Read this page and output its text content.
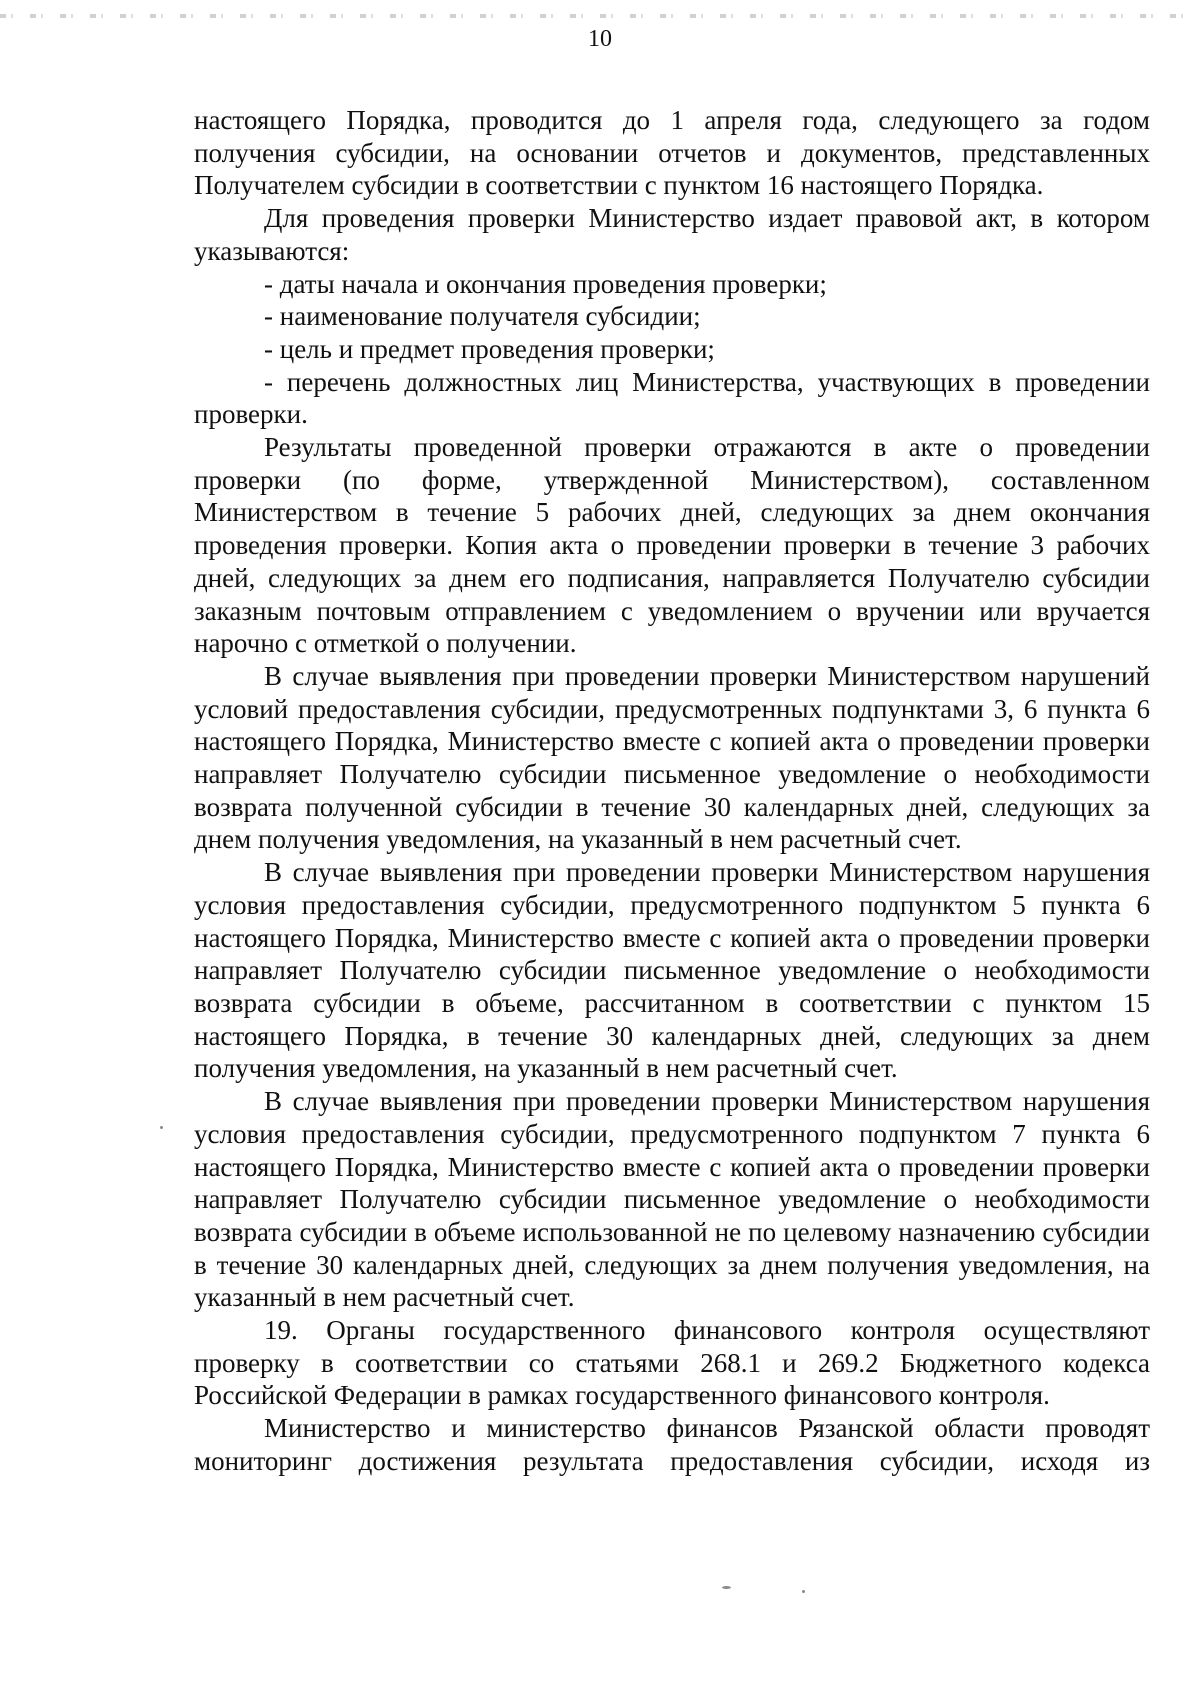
10

настоящего Порядка, проводится до 1 апреля года, следующего за годом получения субсидии, на основании отчетов и документов, представленных Получателем субсидии в соответствии с пунктом 16 настоящего Порядка.

Для проведения проверки Министерство издает правовой акт, в котором указываются:

- даты начала и окончания проведения проверки;

- наименование получателя субсидии;

- цель и предмет проведения проверки;

- перечень должностных лиц Министерства, участвующих в проведении проверки.

Результаты проведенной проверки отражаются в акте о проведении проверки (по форме, утвержденной Министерством), составленном Министерством в течение 5 рабочих дней, следующих за днем окончания проведения проверки. Копия акта о проведении проверки в течение 3 рабочих дней, следующих за днем его подписания, направляется Получателю субсидии заказным почтовым отправлением с уведомлением о вручении или вручается нарочно с отметкой о получении.

В случае выявления при проведении проверки Министерством нарушений условий предоставления субсидии, предусмотренных подпунктами 3, 6 пункта 6 настоящего Порядка, Министерство вместе с копией акта о проведении проверки направляет Получателю субсидии письменное уведомление о необходимости возврата полученной субсидии в течение 30 календарных дней, следующих за днем получения уведомления, на указанный в нем расчетный счет.

В случае выявления при проведении проверки Министерством нарушения условия предоставления субсидии, предусмотренного подпунктом 5 пункта 6 настоящего Порядка, Министерство вместе с копией акта о проведении проверки направляет Получателю субсидии письменное уведомление о необходимости возврата субсидии в объеме, рассчитанном в соответствии с пунктом 15 настоящего Порядка, в течение 30 календарных дней, следующих за днем получения уведомления, на указанный в нем расчетный счет.

В случае выявления при проведении проверки Министерством нарушения условия предоставления субсидии, предусмотренного подпунктом 7 пункта 6 настоящего Порядка, Министерство вместе с копией акта о проведении проверки направляет Получателю субсидии письменное уведомление о необходимости возврата субсидии в объеме использованной не по целевому назначению субсидии в течение 30 календарных дней, следующих за днем получения уведомления, на указанный в нем расчетный счет.

19. Органы государственного финансового контроля осуществляют проверку в соответствии со статьями 268.1 и 269.2 Бюджетного кодекса Российской Федерации в рамках государственного финансового контроля.

Министерство и министерство финансов Рязанской области проводят мониторинг достижения результата предоставления субсидии, исходя из
